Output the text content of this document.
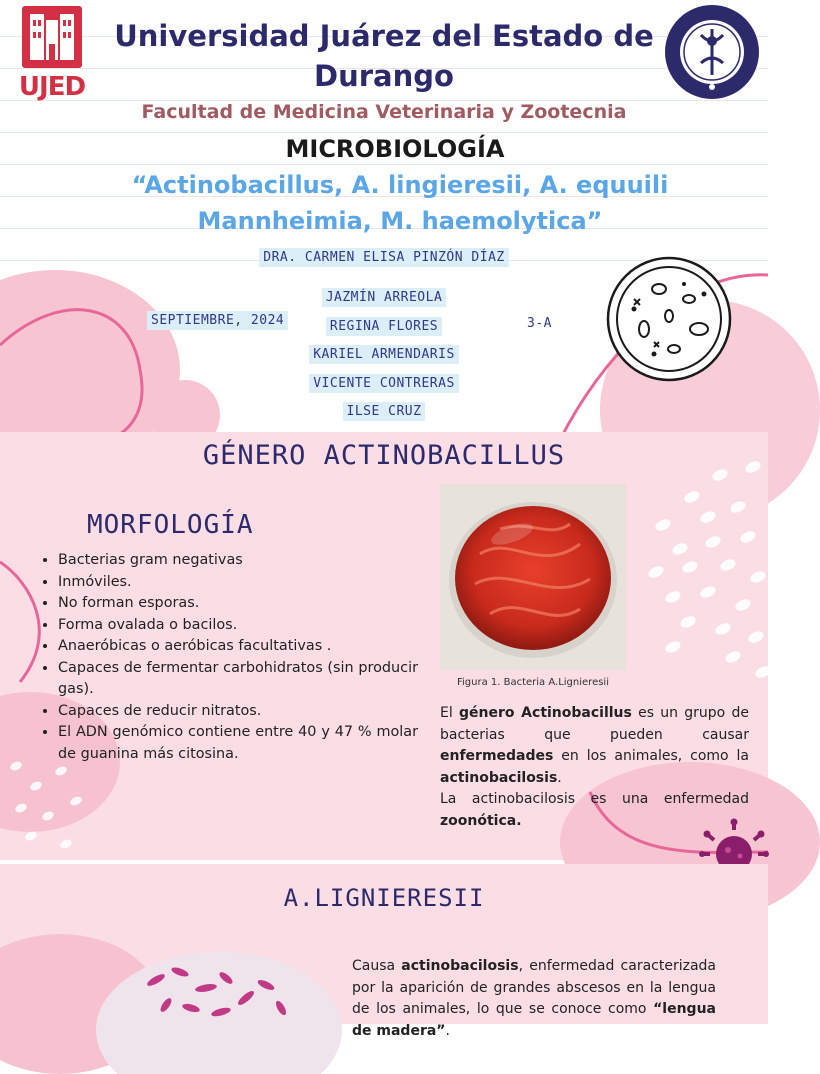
UJED
Universidad Juárez del Estado de Durango
Facultad de Medicina Veterinaria y Zootecnia
MICROBIOLOGÍA
“Actinobacillus, A. lingieresii, A. equuili
Mannheimia, M. haemolytica”
DRA. CARMEN ELISA PINZÓN DÍAZ
SEPTIEMBRE, 2024	3-A
JAZMÍN ARREOLA
REGINA FLORES
KARIEL ARMENDARIS
VICENTE CONTRERAS
ILSE CRUZ
GÉNERO ACTINOBACILLUS
MORFOLOGÍA
• Bacterias gram negativas
• Inmóviles.
• No forman esporas.
• Forma ovalada o bacilos.
• Anaeróbicas o aeróbicas facultativas .
• Capaces de fermentar carbohidratos (sin producir gas).
• Capaces de reducir nitratos.
• El ADN genómico contiene entre 40 y 47 % molar de guanina más citosina.
Figura 1. Bacteria A.Lignieresii
El género Actinobacillus es un grupo de bacterias que pueden causar enfermedades en los animales, como la actinobacilosis.
La actinobacilosis es una enfermedad zoonótica.
A.LIGNIERESII
Causa actinobacilosis, enfermedad caracterizada por la aparición de grandes abscesos en la lengua de los animales, lo que se conoce como “lengua de madera”.
